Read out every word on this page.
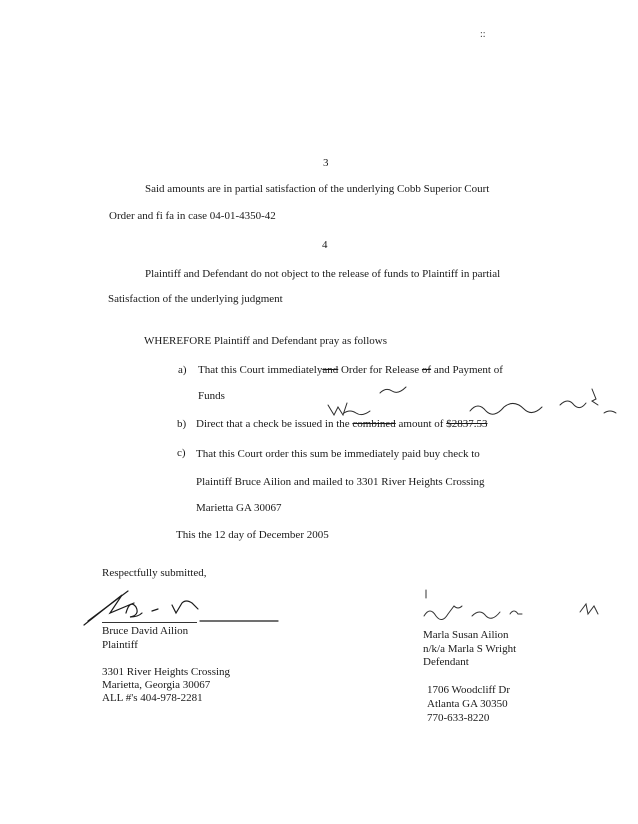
::
3
Said amounts are in partial satisfaction of the underlying Cobb Superior Court
Order and fi fa in case 04-01-4350-42
4
Plaintiff and Defendant do not object to the release of funds to Plaintiff in partial
Satisfaction of the underlying judgment
WHEREFORE Plaintiff and Defendant pray as follows
a) That this Court immediatelyand Order for Release of and Payment of
Funds
b) Direct that a check be issued in the combined amount of $2837.53
c) That this Court order this sum be immediately paid buy check to
Plaintiff Bruce Ailion and mailed to 3301 River Heights Crossing
Marietta GA 30067
This the 12 day of December 2005
Respectfully submitted,
Bruce David Ailion
Plaintiff
3301 River Heights Crossing
Marietta, Georgia 30067
ALL #'s 404-978-2281
Marla Susan Ailion
n/k/a Marla S Wright
Defendant
1706 Woodcliff Dr
Atlanta GA 30350
770-633-8220
